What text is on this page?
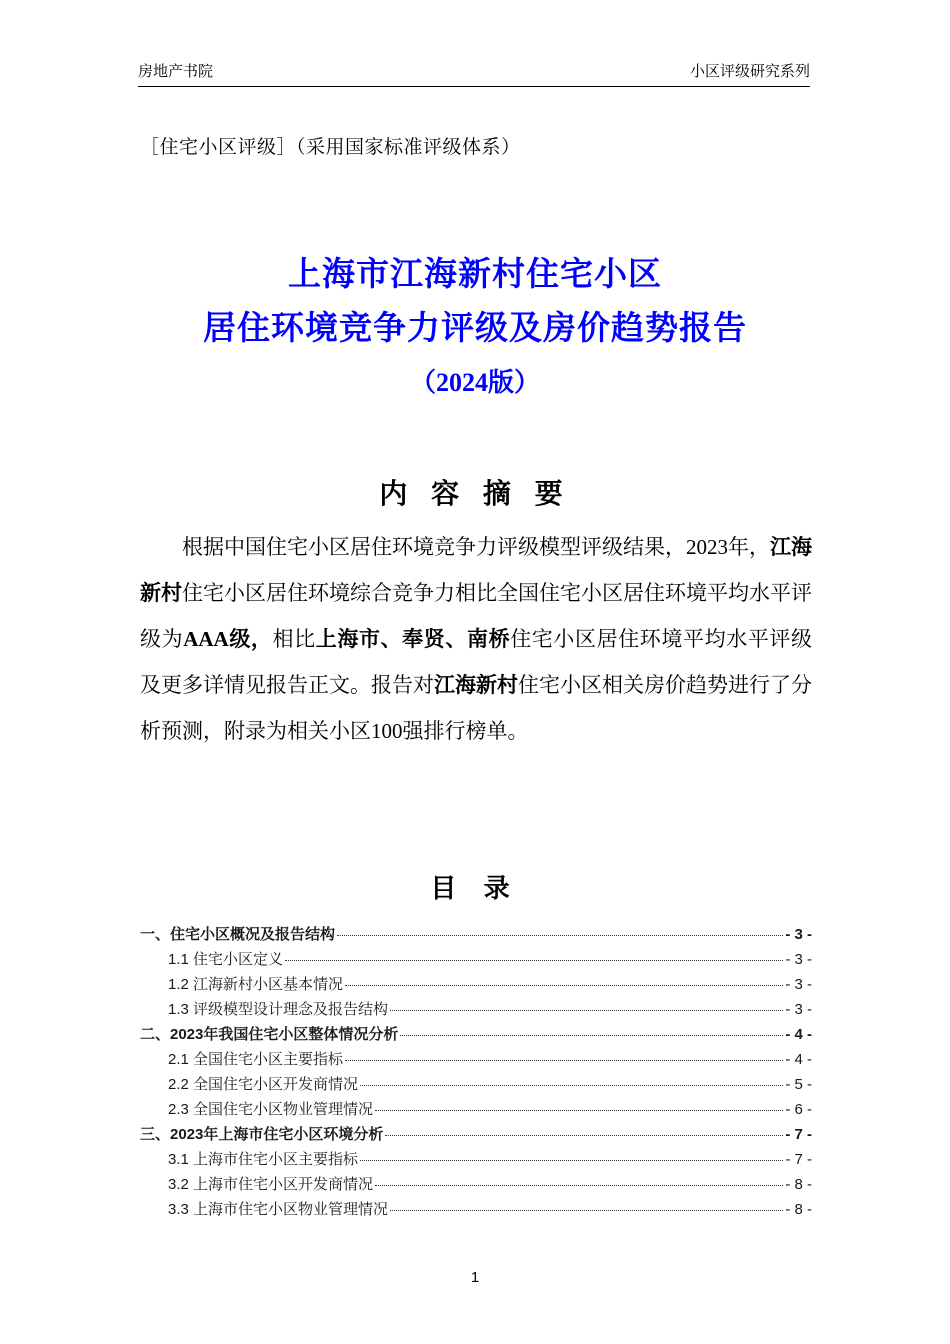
房地产书院	小区评级研究系列
［住宅小区评级］（采用国家标准评级体系）
上海市江海新村住宅小区
居住环境竞争力评级及房价趋势报告
（2024版）
内 容 摘 要
根据中国住宅小区居住环境竞争力评级模型评级结果，2023年，江海新村住宅小区居住环境综合竞争力相比全国住宅小区居住环境平均水平评级为AAA级，相比上海市、奉贤、南桥住宅小区居住环境平均水平评级及更多详情见报告正文。报告对江海新村住宅小区相关房价趋势进行了分析预测，附录为相关小区100强排行榜单。
目 录
一、住宅小区概况及报告结构	- 3 -
1.1 住宅小区定义	- 3 -
1.2 江海新村小区基本情况	- 3 -
1.3 评级模型设计理念及报告结构	- 3 -
二、2023年我国住宅小区整体情况分析	- 4 -
2.1 全国住宅小区主要指标	- 4 -
2.2 全国住宅小区开发商情况	- 5 -
2.3 全国住宅小区物业管理情况	- 6 -
三、2023年上海市住宅小区环境分析	- 7 -
3.1 上海市住宅小区主要指标	- 7 -
3.2 上海市住宅小区开发商情况	- 8 -
3.3 上海市住宅小区物业管理情况	- 8 -
1
